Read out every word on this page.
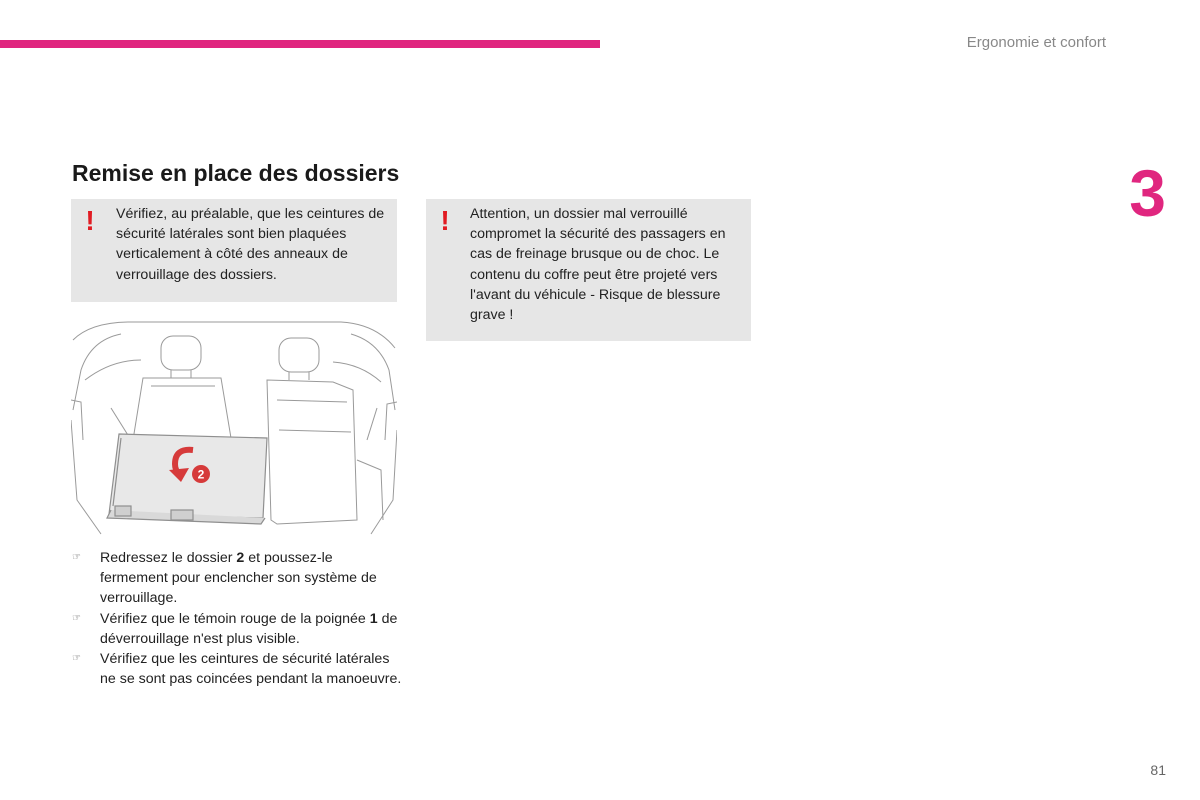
Ergonomie et confort
3
Remise en place des dossiers
! Vérifiez, au préalable, que les ceintures de sécurité latérales sont bien plaquées verticalement à côté des anneaux de verrouillage des dossiers.

! Attention, un dossier mal verrouillé compromet la sécurité des passagers en cas de freinage brusque ou de choc. Le contenu du coffre peut être projeté vers l'avant du véhicule - Risque de blessure grave !

2
☞	Redressez le dossier 2 et poussez-le fermement pour enclencher son système de verrouillage.
☞	Vérifiez que le témoin rouge de la poignée 1 de déverrouillage n'est plus visible.
☞	Vérifiez que les ceintures de sécurité latérales ne se sont pas coincées pendant la manoeuvre.
81
